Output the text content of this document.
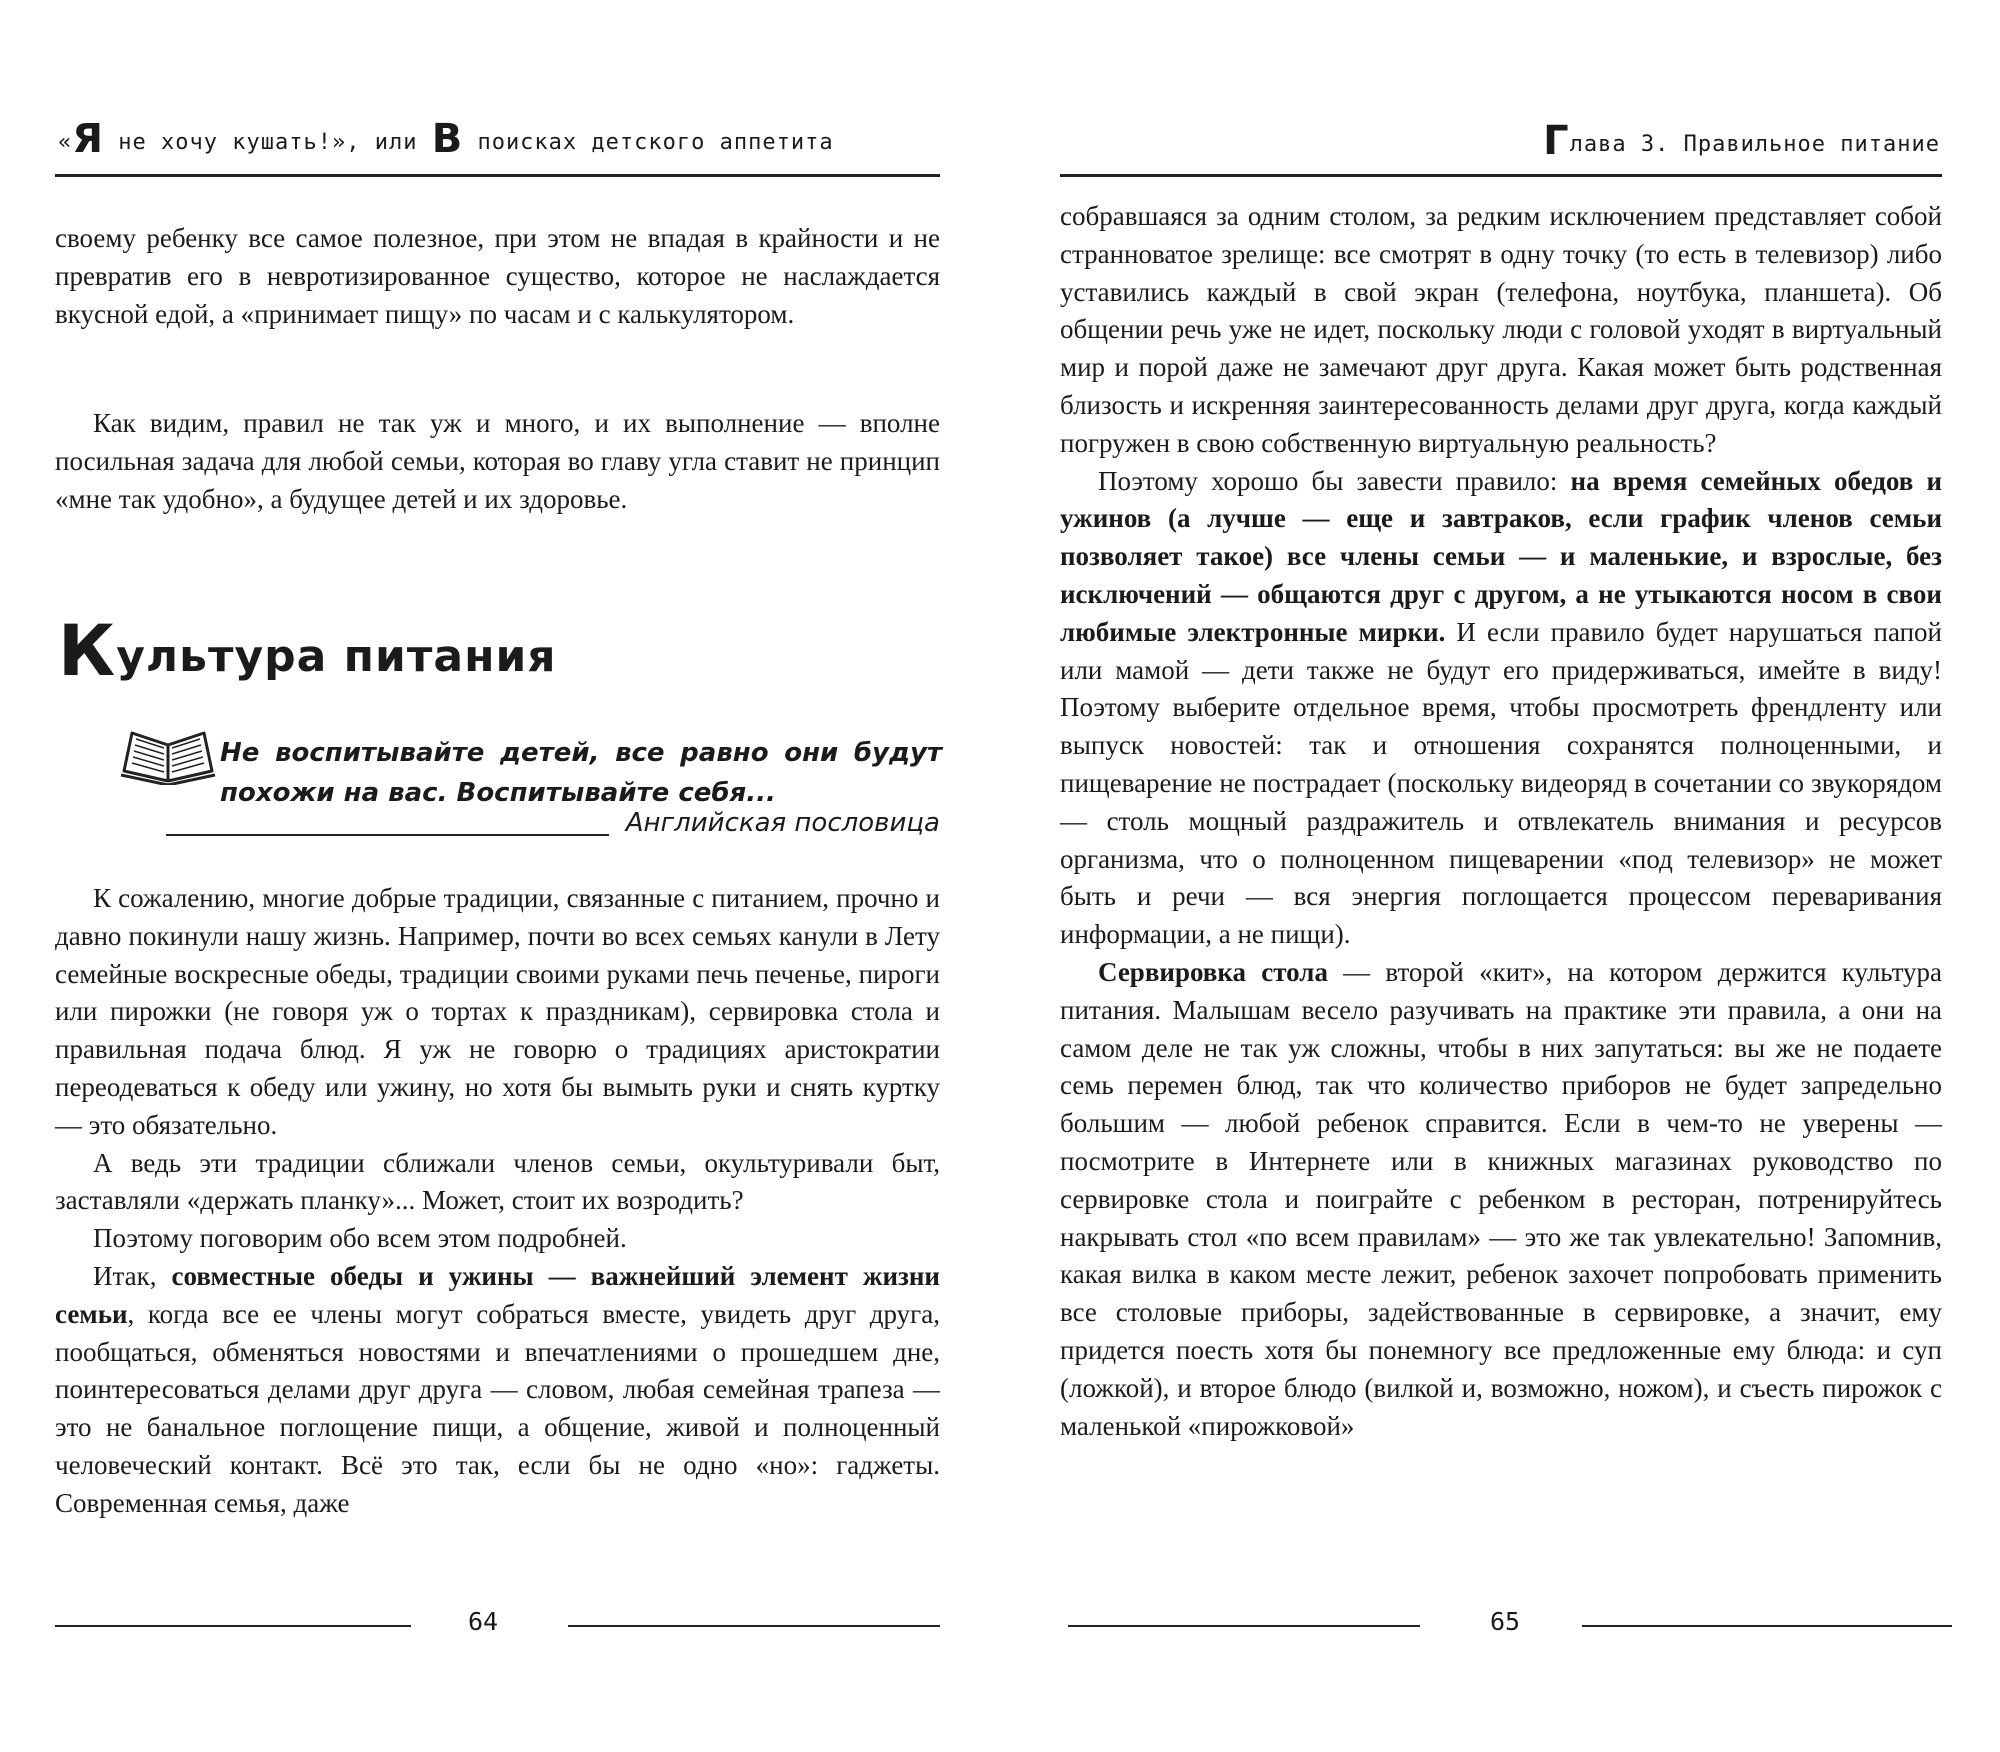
«Я не хочу кушать!», или В поисках детского аппетита

своему ребенку все самое полезное, при этом не впадая в крайности и не превратив его в невротизированное существо, которое не наслаждается вкусной едой, а «принимает пищу» по часам и с калькулятором.

Как видим, правил не так уж и много, и их выполнение — вполне посильная задача для любой семьи, которая во главу угла ставит не принцип «мне так удобно», а будущее детей и их здоровье.

Культура питания
Не воспитывайте детей, все равно они будут похожи на вас. Воспитывайте себя...
Английская пословица

К сожалению, многие добрые традиции, связанные с питанием, прочно и давно покинули нашу жизнь. Например, почти во всех семьях канули в Лету семейные воскресные обеды, традиции своими руками печь печенье, пироги или пирожки (не говоря уж о тортах к праздникам), сервировка стола и правильная подача блюд. Я уж не говорю о традициях аристократии переодеваться к обеду или ужину, но хотя бы вымыть руки и снять куртку — это обязательно.

А ведь эти традиции сближали членов семьи, окультуривали быт, заставляли «держать планку»... Может, стоит их возродить?

Поэтому поговорим обо всем этом подробней.

Итак, совместные обеды и ужины — важнейший элемент жизни семьи, когда все ее члены могут собраться вместе, увидеть друг друга, пообщаться, обменяться новостями и впечатлениями о прошедшем дне, поинтересоваться делами друг друга — словом, любая семейная трапеза — это не банальное поглощение пищи, а общение, живой и полноценный человеческий контакт. Всё это так, если бы не одно «но»: гаджеты. Современная семья, даже

64
Глава 3. Правильное питание

собравшаяся за одним столом, за редким исключением представляет собой странноватое зрелище: все смотрят в одну точку (то есть в телевизор) либо уставились каждый в свой экран (телефона, ноутбука, планшета). Об общении речь уже не идет, поскольку люди с головой уходят в виртуальный мир и порой даже не замечают друг друга. Какая может быть родственная близость и искренняя заинтересованность делами друг друга, когда каждый погружен в свою собственную виртуальную реальность?

Поэтому хорошо бы завести правило: на время семейных обедов и ужинов (а лучше — еще и завтраков, если график членов семьи позволяет такое) все члены семьи — и маленькие, и взрослые, без исключений — общаются друг с другом, а не утыкаются носом в свои любимые электронные мирки. И если правило будет нарушаться папой или мамой — дети также не будут его придерживаться, имейте в виду! Поэтому выберите отдельное время, чтобы просмотреть френдленту или выпуск новостей: так и отношения сохранятся полноценными, и пищеварение не пострадает (поскольку видеоряд в сочетании со звукорядом — столь мощный раздражитель и отвлекатель внимания и ресурсов организма, что о полноценном пищеварении «под телевизор» не может быть и речи — вся энергия поглощается процессом переваривания информации, а не пищи).

Сервировка стола — второй «кит», на котором держится культура питания. Малышам весело разучивать на практике эти правила, а они на самом деле не так уж сложны, чтобы в них запутаться: вы же не подаете семь перемен блюд, так что количество приборов не будет запредельно большим — любой ребенок справится. Если в чем-то не уверены — посмотрите в Интернете или в книжных магазинах руководство по сервировке стола и поиграйте с ребенком в ресторан, потренируйтесь накрывать стол «по всем правилам» — это же так увлекательно! Запомнив, какая вилка в каком месте лежит, ребенок захочет попробовать применить все столовые приборы, задействованные в сервировке, а значит, ему придется поесть хотя бы понемногу все предложенные ему блюда: и суп (ложкой), и второе блюдо (вилкой и, возможно, ножом), и съесть пирожок с маленькой «пирожковой»

65
